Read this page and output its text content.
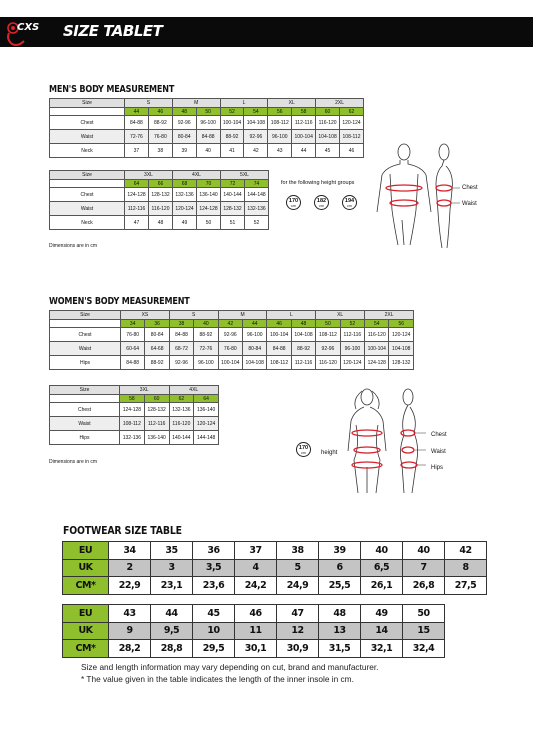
CXS SIZE TABLET
MEN'S BODY MEASUREMENT
Size	S		M		L		XL		2XL	
	44	46	48	50	52	54	56	58	60	62
Chest	84-88	88-92	92-96	96-100	100-104	104-108	108-112	112-116	116-120	120-124
Waist	72-76	76-80	80-84	84-88	88-92	92-96	96-100	100-104	104-108	108-112
Neck	37	38	39	40	41	42	43	44	45	46
Size	3XL		4XL		5XL	
	64	66	68	70	72	74
Chest	124-128	128-132	132-136	136-140	140-144	144-148
Waist	112-116	116-120	120-124	124-128	128-132	132-136
Neck	47	48	49	50	51	52
Dimensions are in cm
for the following height groups
170
cm
182
cm
194
cm
Chest
Waist
WOMEN'S BODY MEASUREMENT
Size	XS		S		M		L		XL		2XL	
	34	36	38	40	42	44	46	48	50	52	54	56
Chest	76-80	80-84	84-88	88-92	92-96	96-100	100-104	104-108	108-112	112-116	116-120	120-124
Waist	60-64	64-68	68-72	72-76	76-80	80-84	84-88	88-92	92-96	96-100	100-104	104-108
Hips	84-88	88-92	92-96	96-100	100-104	104-108	108-112	112-116	116-120	120-124	124-128	128-132
Size	3XL		4XL	
	58	60	62	64
Chest	124-128	128-132	132-136	136-140
Waist	108-112	112-116	116-120	120-124
Hips	132-136	136-140	140-144	144-148
Dimensions are in cm
170
cm	height
Chest
Waist
Hips
FOOTWEAR SIZE TABLE
EU	34	35	36	37	38	39	40	40	42
UK	2	3	3,5	4	5	6	6,5	7	8
CM*	22,9	23,1	23,6	24,2	24,9	25,5	26,1	26,8	27,5
EU	43	44	45	46	47	48	49	50
UK	9	9,5	10	11	12	13	14	15
CM*	28,2	28,8	29,5	30,1	30,9	31,5	32,1	32,4
Size and length information may vary depending on cut, brand and manufacturer.
* The value given in the table indicates the length of the inner insole in cm.
